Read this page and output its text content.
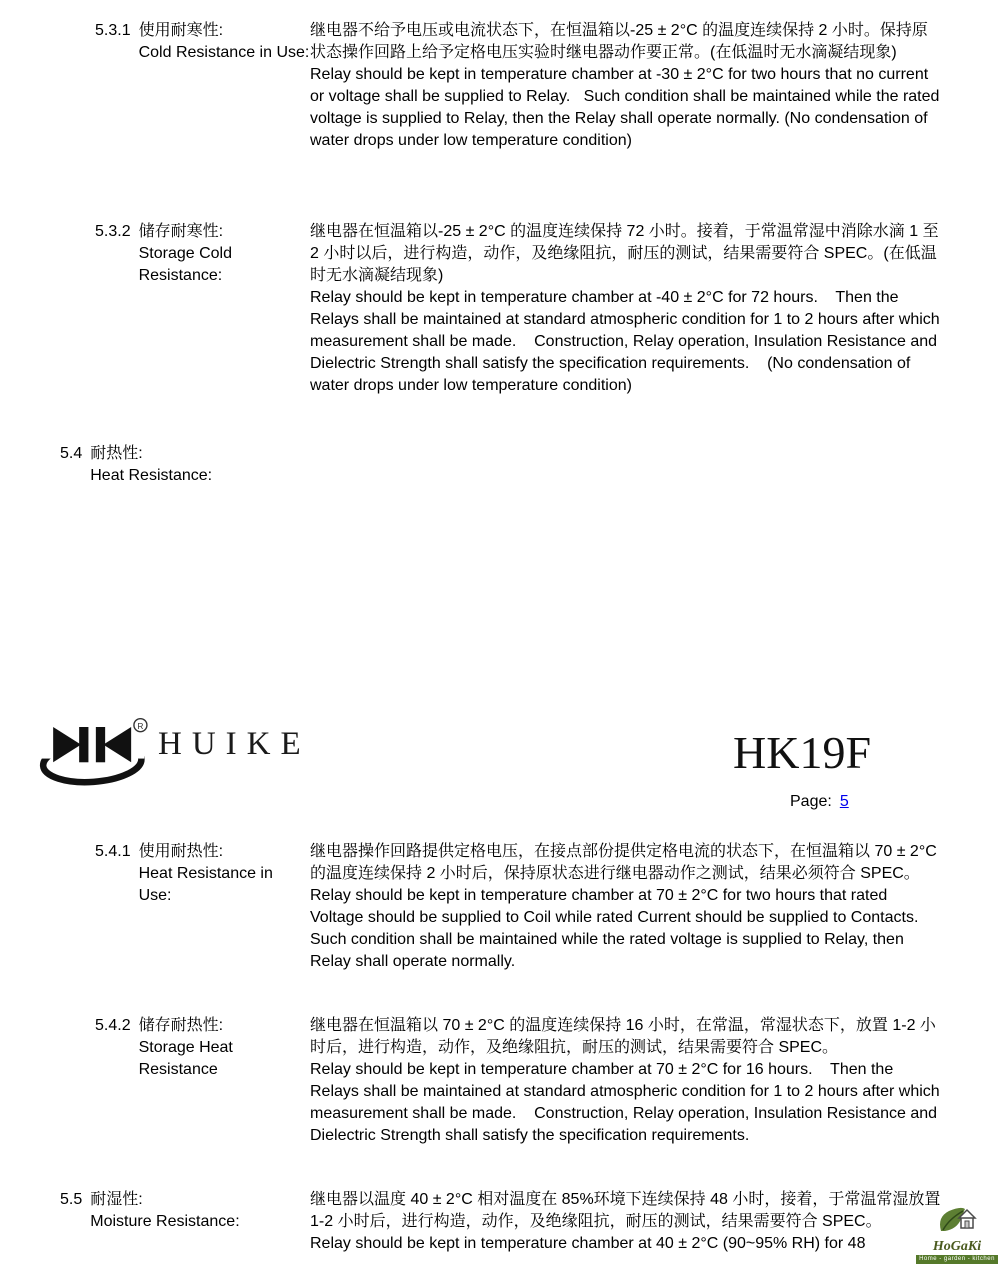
5.3.1 使用耐寒性:
Cold Resistance in Use:
继电器不给予电压或电流状态下，在恒温箱以-25 ± 2°C 的温度连续保持 2 小时。保持原状态操作回路上给予定格电压实验时继电器动作要正常。(在低温时无水滴凝结现象)
Relay should be kept in temperature chamber at -30 ± 2°C for two hours that no current or voltage shall be supplied to Relay.   Such condition shall be maintained while the rated voltage is supplied to Relay, then the Relay shall operate normally. (No condensation of water drops under low temperature condition)
5.3.2 储存耐寒性:
Storage Cold Resistance:
继电器在恒温箱以-25 ± 2°C 的温度连续保持 72 小时。接着，于常温常湿中消除水滴 1 至 2 小时以后，进行构造，动作，及绝缘阻抗，耐压的测试，结果需要符合 SPEC。(在低温时无水滴凝结现象)
Relay should be kept in temperature chamber at -40 ± 2°C for 72 hours.    Then the Relays shall be maintained at standard atmospheric condition for 1 to 2 hours after which measurement shall be made.    Construction, Relay operation, Insulation Resistance and Dielectric Strength shall satisfy the specification requirements.    (No condensation of water drops under low temperature condition)
5.4 耐热性:
Heat Resistance:
R
HUIKE	HK19F
Page: 5
5.4.1 使用耐热性:
Heat Resistance in Use:
继电器操作回路提供定格电压，在接点部份提供定格电流的状态下，在恒温箱以 70 ± 2°C 的温度连续保持 2 小时后，保持原状态进行继电器动作之测试，结果必须符合 SPEC。
Relay should be kept in temperature chamber at 70 ± 2°C for two hours that rated Voltage should be supplied to Coil while rated Current should be supplied to Contacts.   Such condition shall be maintained while the rated voltage is supplied to Relay, then Relay shall operate normally.
5.4.2 储存耐热性:
Storage Heat Resistance
继电器在恒温箱以 70 ± 2°C 的温度连续保持 16 小时，在常温，常湿状态下，放置 1-2 小时后，进行构造，动作，及绝缘阻抗，耐压的测试，结果需要符合 SPEC。
Relay should be kept in temperature chamber at 70 ± 2°C for 16 hours.    Then the Relays shall be maintained at standard atmospheric condition for 1 to 2 hours after which measurement shall be made.    Construction, Relay operation, Insulation Resistance and Dielectric Strength shall satisfy the specification requirements.
5.5 耐湿性:
Moisture Resistance:
继电器以温度 40 ± 2°C 相对温度在 85%环境下连续保持 48 小时，接着，于常温常湿放置 1-2 小时后，进行构造，动作，及绝缘阻抗，耐压的测试，结果需要符合 SPEC。
Relay should be kept in temperature chamber at 40 ± 2°C (90~95% RH) for 48	HoGaKi
Home - garden - kitchen
